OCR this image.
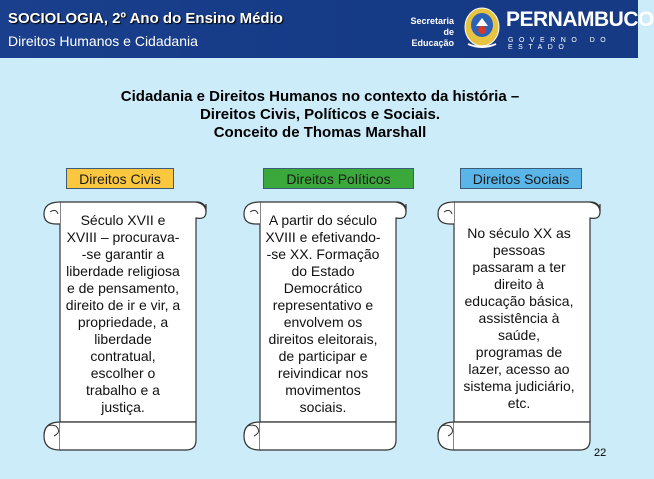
SOCIOLOGIA, 2º Ano do Ensino Médio
Direitos Humanos e Cidadania
Secretaria de
Educação
PERNAMBUCO
GOVERNO DO ESTADO
Cidadania e Direitos Humanos no contexto da história –
Direitos Civis, Políticos e Sociais.
Conceito de Thomas Marshall
Direitos Civis	Direitos Políticos	Direitos Sociais
Século XVII e
XVIII – procurava-
-se garantir a
liberdade religiosa
e de pensamento,
direito de ir e vir, a
propriedade, a
liberdade
contratual,
escolher o
trabalho e a
justiça.
A partir do século
XVIII e efetivando-
-se XX. Formação
do Estado
Democrático
representativo e
envolvem os
direitos eleitorais,
de participar e
reivindicar nos
movimentos
sociais.
No século XX as
pessoas
passaram a ter
direito à
educação básica,
assistência à
saúde,
programas de
lazer, acesso ao
sistema judiciário,
etc.
22
